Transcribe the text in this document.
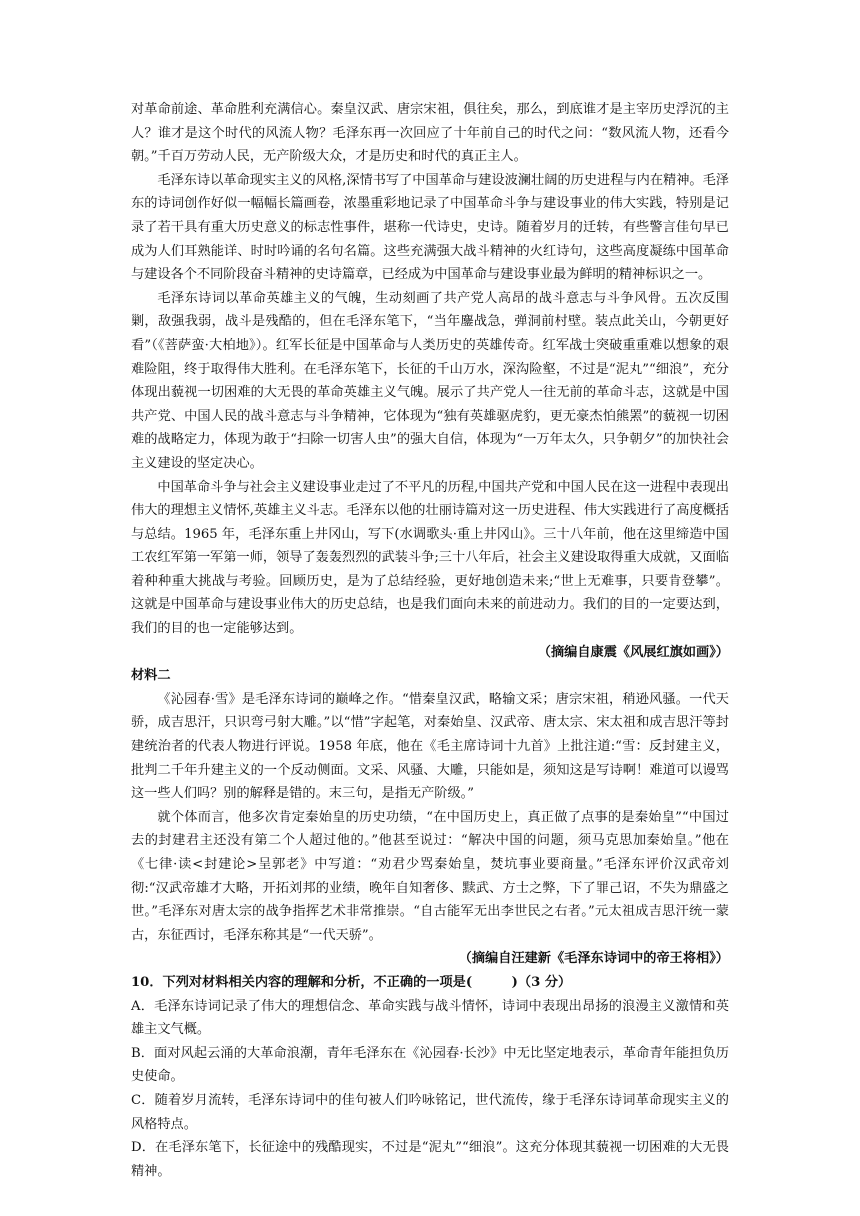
对革命前途、革命胜利充满信心。秦皇汉武、唐宗宋祖，俱往矣，那么，到底谁才是主宰历史浮沉的主人？谁才是这个时代的风流人物？毛泽东再一次回应了十年前自己的时代之问：“数风流人物，还看今朝。”千百万劳动人民，无产阶级大众，才是历史和时代的真正主人。

毛泽东诗以革命现实主义的风格,深情书写了中国革命与建设波澜壮阔的历史进程与内在精神。毛泽东的诗词创作好似一幅幅长篇画卷，浓墨重彩地记录了中国革命斗争与建设事业的伟大实践，特别是记录了若干具有重大历史意义的标志性事件，堪称一代诗史，史诗。随着岁月的迁转，有些警言佳句早已成为人们耳熟能详、时时吟诵的名句名篇。这些充满强大战斗精神的火红诗句，这些高度凝练中国革命与建设各个不同阶段奋斗精神的史诗篇章，已经成为中国革命与建设事业最为鲜明的精神标识之一。

毛泽东诗词以革命英雄主义的气魄，生动刻画了共产党人高昂的战斗意志与斗争风骨。五次反围剿，敌强我弱，战斗是残酷的，但在毛泽东笔下，“当年鏖战急，弹洞前村壁。装点此关山，今朝更好看”（《菩萨蛮·大柏地》）。红军长征是中国革命与人类历史的英雄传奇。红军战士突破重重难以想象的艰难险阻，终于取得伟大胜利。在毛泽东笔下，长征的千山万水，深沟险壑，不过是“泥丸”“细浪”，充分体现出藐视一切困难的大无畏的革命英雄主义气魄。展示了共产党人一往无前的革命斗志，这就是中国共产党、中国人民的战斗意志与斗争精神，它体现为“独有英雄驱虎豹，更无豪杰怕熊罴”的藐视一切困难的战略定力，体现为敢于“扫除一切害人虫”的强大自信，体现为“一万年太久，只争朝夕”的加快社会主义建设的坚定决心。

中国革命斗争与社会主义建设事业走过了不平凡的历程,中国共产党和中国人民在这一进程中表现出伟大的理想主义情怀,英雄主义斗志。毛泽东以他的壮丽诗篇对这一历史进程、伟大实践进行了高度概括与总结。1965 年，毛泽东重上井冈山，写下(水调歌头·重上井冈山》。三十八年前，他在这里缔造中国工农红军第一军第一师，领导了轰轰烈烈的武装斗争;三十八年后，社会主义建设取得重大成就，又面临着种种重大挑战与考验。回顾历史，是为了总结经验，更好地创造未来;“世上无难事，只要肯登攀”。这就是中国革命与建设事业伟大的历史总结，也是我们面向未来的前进动力。我们的目的一定要达到，我们的目的也一定能够达到。

（摘编自康震《风展红旗如画》）

材料二

《沁园春·雪》是毛泽东诗词的巅峰之作。“惜秦皇汉武，略输文采；唐宗宋祖，稍逊风骚。一代天骄，成吉思汗，只识弯弓射大雕。”以“惜”字起笔，对秦始皇、汉武帝、唐太宗、宋太祖和成吉思汗等封建统治者的代表人物进行评说。1958 年底，他在《毛主席诗词十九首》上批注道:“雪：反封建主义，批判二千年升建主义的一个反动侧面。文采、风骚、大雕，只能如是，须知这是写诗啊！难道可以谩骂这一些人们吗？别的解释是错的。末三句，是指无产阶级。”

就个体而言，他多次肯定秦始皇的历史功绩，“在中国历史上，真正做了点事的是秦始皇”“中国过去的封建君主还没有第二个人超过他的。”他甚至说过：“解决中国的问题，须马克思加秦始皇。”他在《七律·读<封建论>呈郭老》中写道：“劝君少骂秦始皇，焚坑事业要商量。”毛泽东评价汉武帝刘彻:“汉武帝雄才大略，开拓刘邦的业绩，晚年自知奢侈、黩武、方士之弊，下了罪己诏，不失为鼎盛之世。”毛泽东对唐太宗的战争指挥艺术非常推崇。“自古能军无出李世民之右者。”元太祖成吉思汗统一蒙古，东征西讨，毛泽东称其是“一代天骄”。

（摘编自汪建新《毛泽东诗词中的帝王将相》）

10．下列对材料相关内容的理解和分析，不正确的一项是(　　　)（3 分）

A．毛泽东诗词记录了伟大的理想信念、革命实践与战斗情怀，诗词中表现出昂扬的浪漫主义激情和英雄主文气概。

B．面对风起云涌的大革命浪潮，青年毛泽东在《沁园春·长沙》中无比坚定地表示，革命青年能担负历史使命。

C．随着岁月流转，毛泽东诗词中的佳句被人们吟咏铭记，世代流传，缘于毛泽东诗词革命现实主义的风格特点。

D．在毛泽东笔下，长征途中的残酷现实，不过是“泥丸”“细浪”。这充分体现其藐视一切困难的大无畏精神。
